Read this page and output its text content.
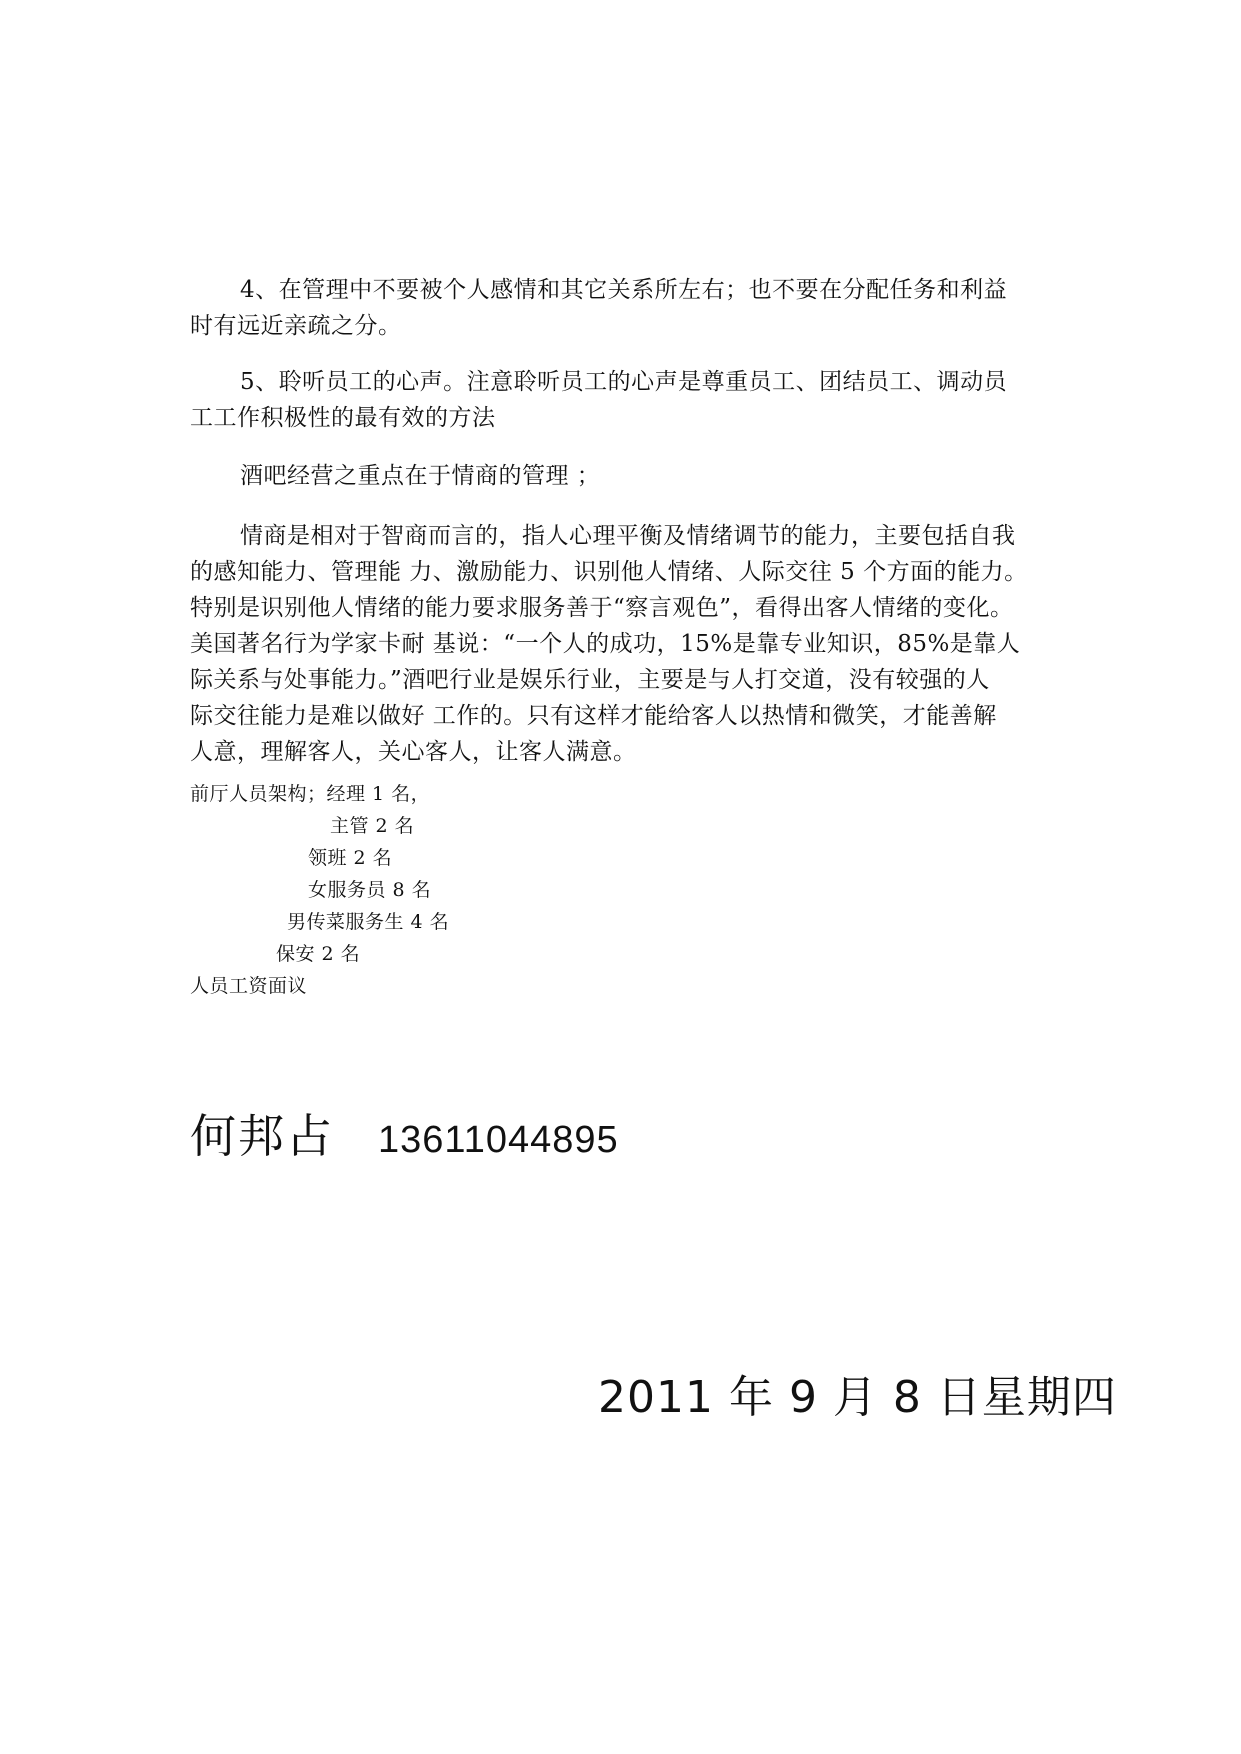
4、在管理中不要被个人感情和其它关系所左右；也不要在分配任务和利益
时有远近亲疏之分。
5、聆听员工的心声。注意聆听员工的心声是尊重员工、团结员工、调动员
工工作积极性的最有效的方法
酒吧经营之重点在于情商的管理 ；
情商是相对于智商而言的，指人心理平衡及情绪调节的能力，主要包括自我
的感知能力、管理能 力、激励能力、识别他人情绪、人际交往 5 个方面的能力。
特别是识别他人情绪的能力要求服务善于“察言观色”，看得出客人情绪的变化。
美国著名行为学家卡耐 基说：“一个人的成功，15%是靠专业知识，85%是靠人
际关系与处事能力。”酒吧行业是娱乐行业，主要是与人打交道，没有较强的人
际交往能力是难以做好 工作的。只有这样才能给客人以热情和微笑，才能善解
人意，理解客人，关心客人，让客人满意。
前厅人员架构；经理 1 名，
主管 2 名
领班 2 名
女服务员 8 名
男传菜服务生 4 名
保安 2 名
人员工资面议
何邦占 13611044895
2011 年 9 月 8 日星期四
